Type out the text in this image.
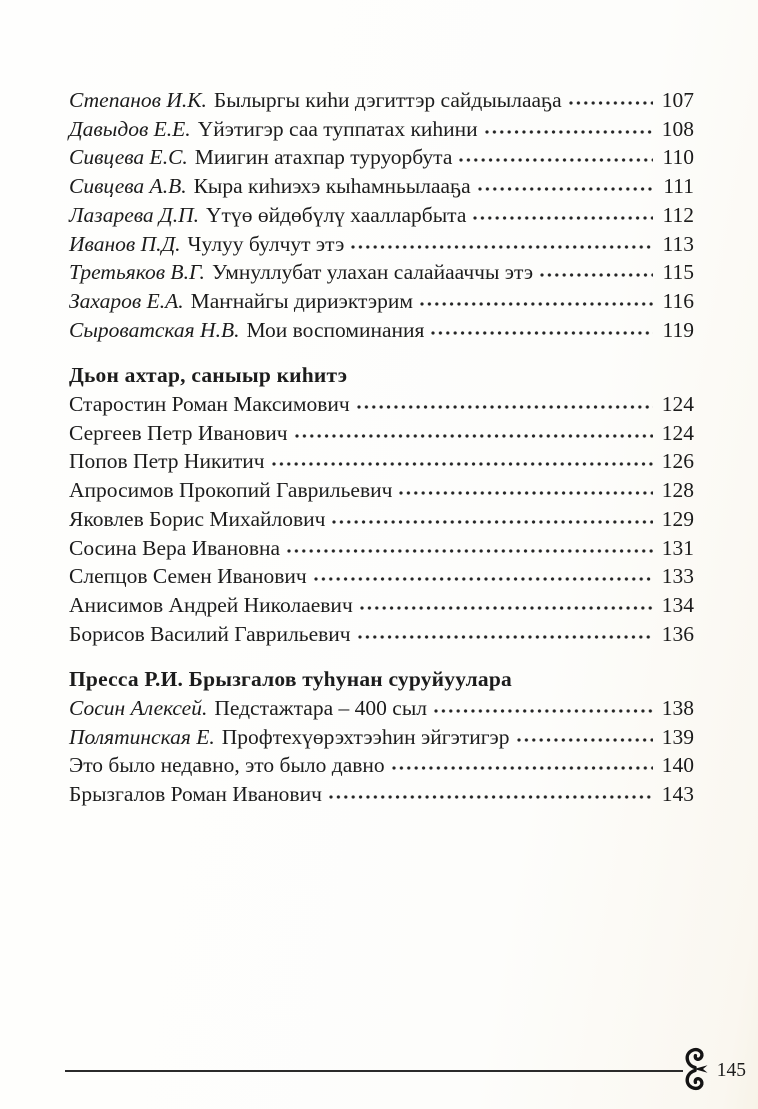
Степанов И.К. Былыргы киһи дэгиттэр сайдыылааҕа	107
Давыдов Е.Е. Үйэтигэр саа туппатах киһини	108
Сивцева Е.С. Миигин атахпар туруорбута	110
Сивцева А.В. Кыра киһиэхэ кыһамньылааҕа	111
Лазарева Д.П. Үтүө өйдөбүлү хаалларбыта	112
Иванов П.Д. Чулуу булчут этэ	113
Третьяков В.Г. Умнуллубат улахан салайааччы этэ	115
Захаров Е.А. Маҥнайгы дириэктэрим	116
Сыроватская Н.В. Мои воспоминания	119
Дьон ахтар, саныыр киһитэ
Старостин Роман Максимович	124
Сергеев Петр Иванович	124
Попов Петр Никитич	126
Апросимов Прокопий Гаврильевич	128
Яковлев Борис Михайлович	129
Сосина Вера Ивановна	131
Слепцов Семен Иванович	133
Анисимов Андрей Николаевич	134
Борисов Василий Гаврильевич	136
Пресса Р.И. Брызгалов туһунан суруйуулара
Сосин Алексей. Педстажтара – 400 сыл	138
Полятинская Е. Профтехүөрэхтээһин эйгэтигэр	139
Это было недавно, это было давно	140
Брызгалов Роман Иванович	143
145
